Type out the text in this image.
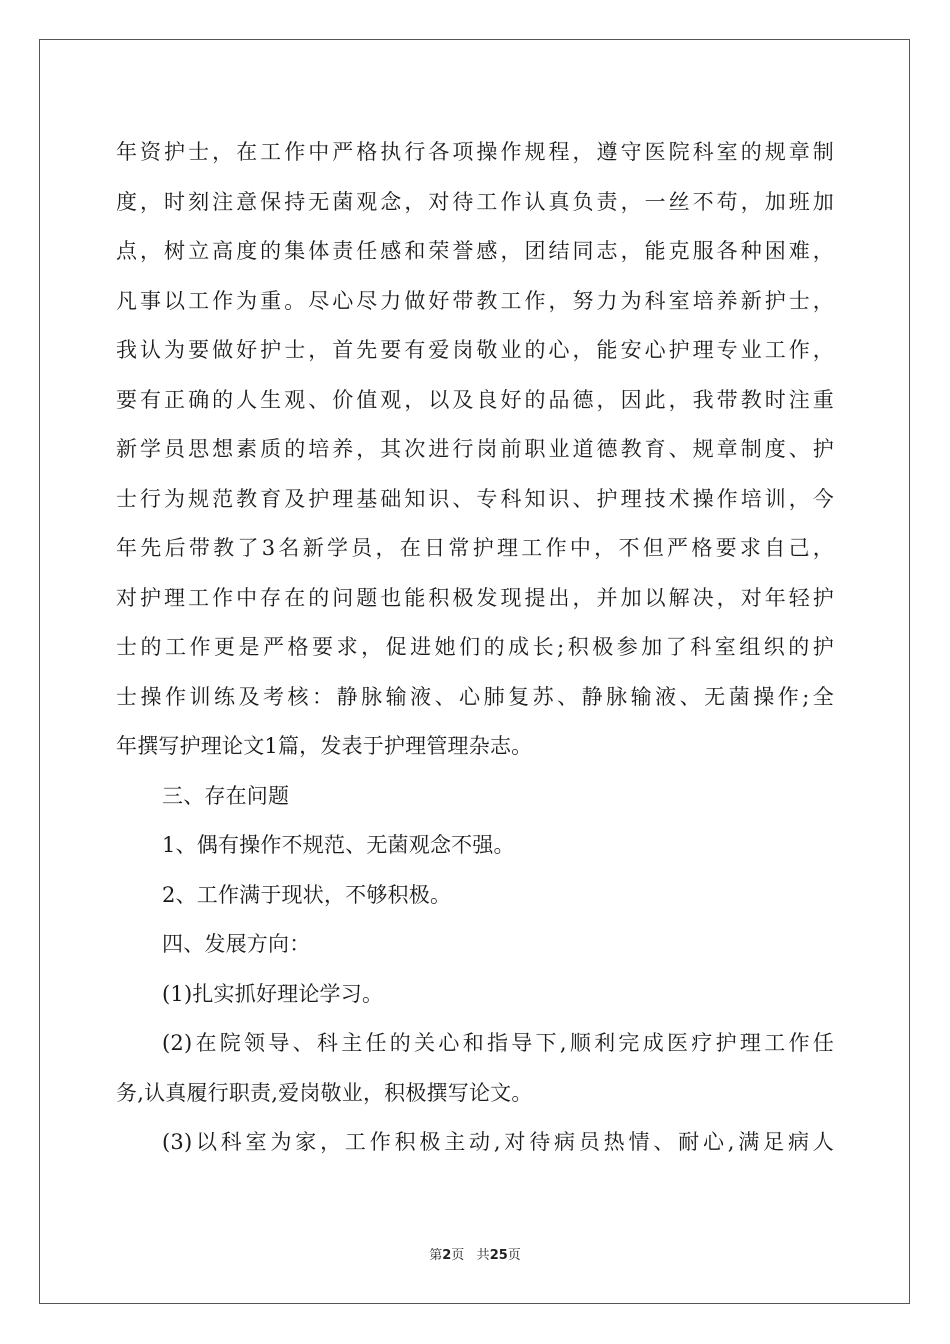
年资护士，在工作中严格执行各项操作规程，遵守医院科室的规章制
度，时刻注意保持无菌观念，对待工作认真负责，一丝不苟，加班加
点，树立高度的集体责任感和荣誉感，团结同志，能克服各种困难，
凡事以工作为重。尽心尽力做好带教工作，努力为科室培养新护士，
我认为要做好护士，首先要有爱岗敬业的心，能安心护理专业工作，
要有正确的人生观、价值观，以及良好的品德，因此，我带教时注重
新学员思想素质的培养，其次进行岗前职业道德教育、规章制度、护
士行为规范教育及护理基础知识、专科知识、护理技术操作培训，今
年先后带教了3名新学员，在日常护理工作中，不但严格要求自己，
对护理工作中存在的问题也能积极发现提出，并加以解决，对年轻护
士的工作更是严格要求，促进她们的成长;积极参加了科室组织的护
士操作训练及考核：静脉输液、心肺复苏、静脉输液、无菌操作;全
年撰写护理论文1篇，发表于护理管理杂志。
三、存在问题
1、偶有操作不规范、无菌观念不强。
2、工作满于现状，不够积极。
四、发展方向：
(1)扎实抓好理论学习。
(2)在院领导、科主任的关心和指导下,顺利完成医疗护理工作任
务,认真履行职责,爱岗敬业，积极撰写论文。
(3)以科室为家，工作积极主动,对待病员热情、耐心,满足病人
第2页 共25页
